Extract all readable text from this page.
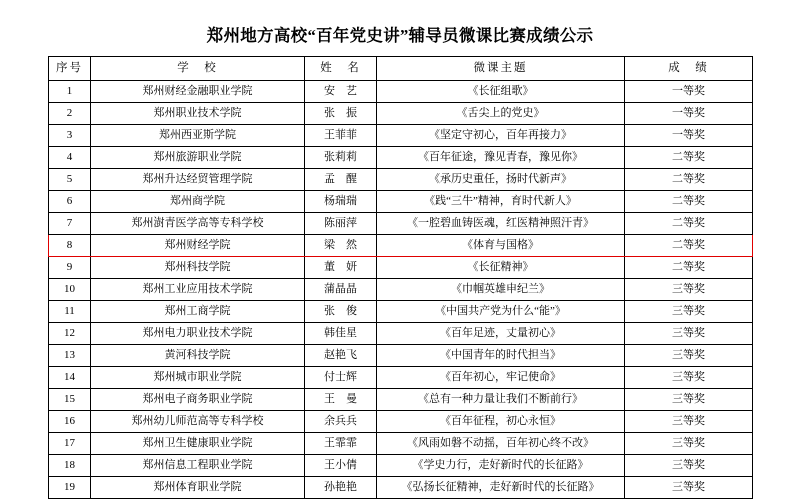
郑州地方高校“百年党史讲”辅导员微课比赛成绩公示
序号	学　校	姓　名	微课主题	成　绩
1	郑州财经金融职业学院	安　艺	《长征组歌》	一等奖
2	郑州职业技术学院	张　振	《舌尖上的党史》	一等奖
3	郑州西亚斯学院	王菲菲	《坚定守初心，百年再接力》	一等奖
4	郑州旅游职业学院	张莉莉	《百年征途，豫见青春，豫见你》	二等奖
5	郑州升达经贸管理学院	孟　醒	《承历史重任，扬时代新声》	二等奖
6	郑州商学院	杨瑞瑞	《践“三牛”精神，育时代新人》	二等奖
7	郑州澍青医学高等专科学校	陈丽萍	《一腔碧血铸医魂，红医精神照汗青》	二等奖
8	郑州财经学院	梁　然	《体育与国格》	二等奖
9	郑州科技学院	董　妍	《长征精神》	二等奖
10	郑州工业应用技术学院	蒲晶晶	《巾帼英雄申纪兰》	三等奖
11	郑州工商学院	张　俊	《中国共产党为什么“能”》	三等奖
12	郑州电力职业技术学院	韩佳星	《百年足迹，丈量初心》	三等奖
13	黄河科技学院	赵艳飞	《中国青年的时代担当》	三等奖
14	郑州城市职业学院	付士辉	《百年初心，牢记使命》	三等奖
15	郑州电子商务职业学院	王　曼	《总有一种力量让我们不断前行》	三等奖
16	郑州幼儿师范高等专科学校	余兵兵	《百年征程，初心永恒》	三等奖
17	郑州卫生健康职业学院	王霏霏	《风雨如磐不动摇，百年初心终不改》	三等奖
18	郑州信息工程职业学院	王小倩	《学史力行，走好新时代的长征路》	三等奖
19	郑州体育职业学院	孙艳艳	《弘扬长征精神，走好新时代的长征路》	三等奖
